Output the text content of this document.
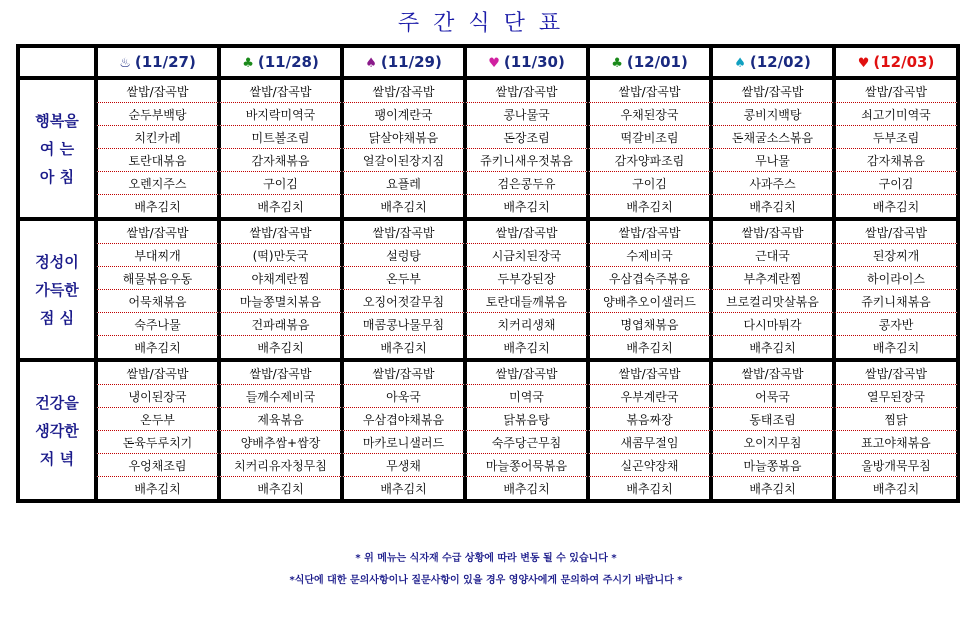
주간식단표
	♨ (11/27)	♣ (11/28)	♠ (11/29)	♥ (11/30)	♣ (12/01)	♠ (12/02)	♥ (12/03)
행복을
여 는
아 침	쌀밥/잡곡밥	쌀밥/잡곡밥	쌀밥/잡곡밥	쌀밥/잡곡밥	쌀밥/잡곡밥	쌀밥/잡곡밥	쌀밥/잡곡밥
	순두부백탕	바지락미역국	팽이계란국	콩나물국	우채된장국	콩비지백탕	쇠고기미역국
	치킨카레	미트볼조림	닭살야채볶음	돈장조림	떡갈비조림	돈채굴소스볶음	두부조림
	토란대볶음	감자채볶음	얼갈이된장지짐	쥬키니새우젓볶음	감자양파조림	무나물	감자채볶음
	오렌지주스	구이김	요플레	검은콩두유	구이김	사과주스	구이김
	배추김치	배추김치	배추김치	배추김치	배추김치	배추김치	배추김치
정성이
가득한
점 심	쌀밥/잡곡밥	쌀밥/잡곡밥	쌀밥/잡곡밥	쌀밥/잡곡밥	쌀밥/잡곡밥	쌀밥/잡곡밥	쌀밥/잡곡밥
	부대찌개	(떡)만둣국	설렁탕	시금치된장국	수제비국	근대국	된장찌개
	해물볶음우동	야채계란찜	온두부	두부강된장	우삼겹숙주볶음	부추계란찜	하이라이스
	어묵채볶음	마늘쫑멸치볶음	오징어젓갈무침	토란대들깨볶음	양배추오이샐러드	브로컬리맛살볶음	쥬키니채볶음
	숙주나물	건파래볶음	매콤콩나물무침	치커리생채	명엽채볶음	다시마튀각	콩자반
	배추김치	배추김치	배추김치	배추김치	배추김치	배추김치	배추김치
건강을
생각한
저 녁	쌀밥/잡곡밥	쌀밥/잡곡밥	쌀밥/잡곡밥	쌀밥/잡곡밥	쌀밥/잡곡밥	쌀밥/잡곡밥	쌀밥/잡곡밥
	냉이된장국	들깨수제비국	아욱국	미역국	우부계란국	어묵국	열무된장국
	온두부	제육볶음	우삼겹야채볶음	닭볶음탕	볶음짜장	동태조림	찜닭
	돈육두루치기	양배추쌈+쌈장	마카로니샐러드	숙주당근무침	새콤무절임	오이지무침	표고야채볶음
	우엉채조림	치커리유자청무침	무생채	마늘쫑어묵볶음	실곤약장채	마늘쫑볶음	울방개묵무침
	배추김치	배추김치	배추김치	배추김치	배추김치	배추김치	배추김치
* 위 메뉴는 식자재 수급 상황에 따라 변동 될 수 있습니다 *
*식단에 대한 문의사항이나 질문사항이 있을 경우 영양사에게 문의하여 주시기 바랍니다 *
